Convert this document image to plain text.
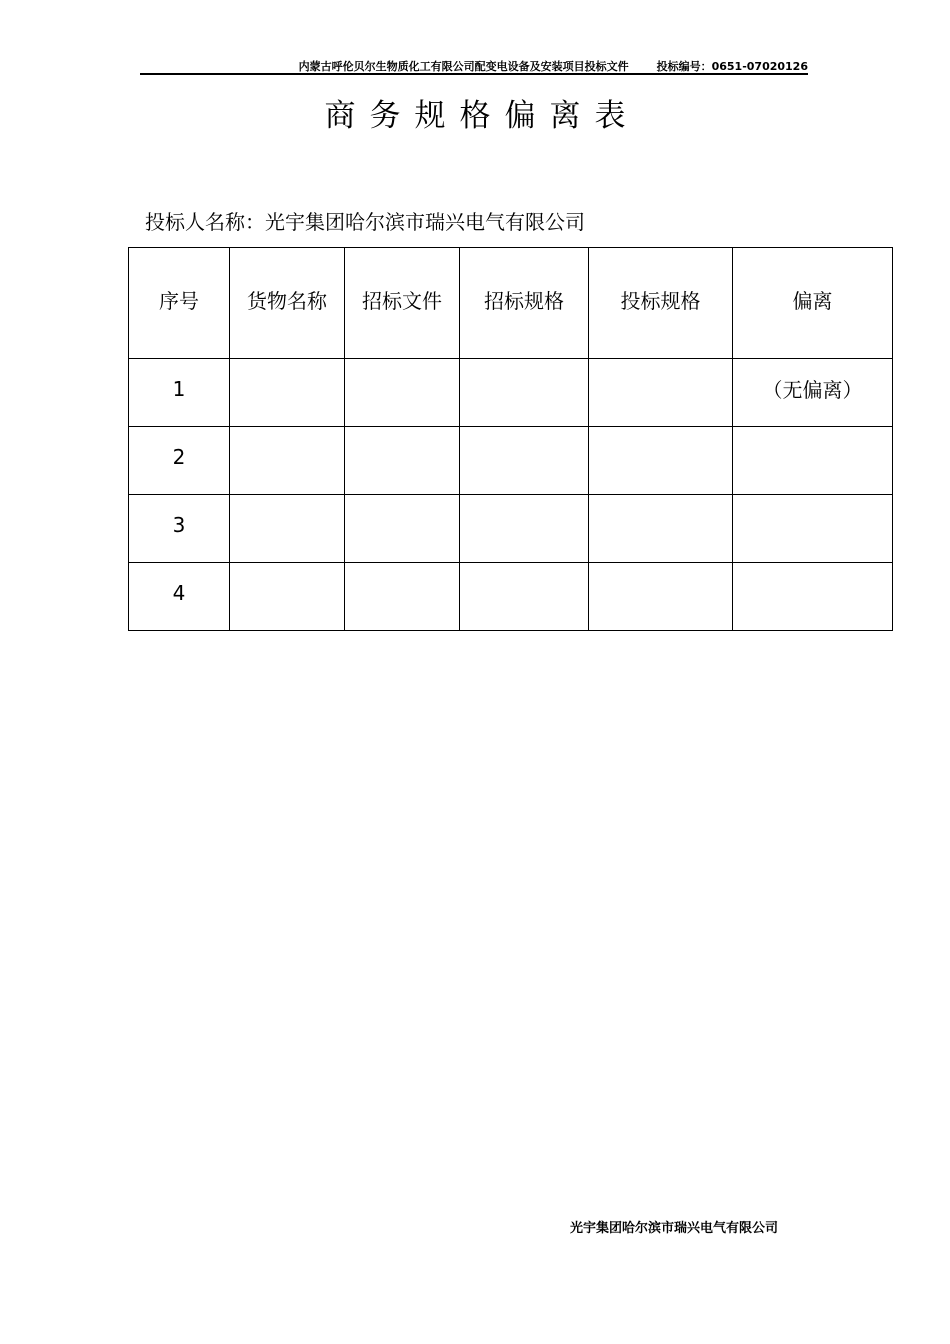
内蒙古呼伦贝尔生物质化工有限公司配变电设备及安装项目投标文件	投标编号：0651-07020126
商务规格偏离表
投标人名称：光宇集团哈尔滨市瑞兴电气有限公司
序号	货物名称	招标文件	招标规格	投标规格	偏离
1					（无偏离）
2					
3					
4					
光宇集团哈尔滨市瑞兴电气有限公司
